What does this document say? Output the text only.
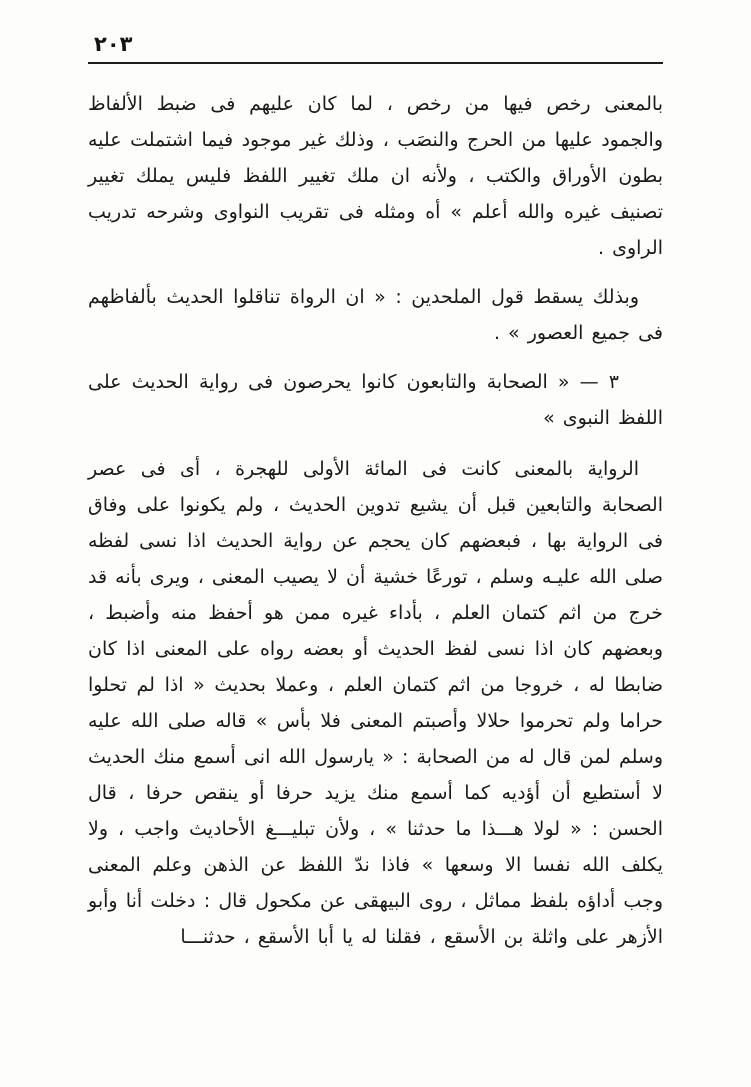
٢٠٣

بالمعنى رخص فيها من رخص ، لما كان عليهم فى ضبط الألفاظ والجمود عليها من الحرج والنصَب ، وذلك غير موجود فيما اشتملت عليه بطون الأوراق والكتب ، ولأنه ان ملك تغيير اللفظ فليس يملك تغيير تصنيف غيره والله أعلم » أه ومثله فى تقريب النواوى وشرحه تدريب الراوى .

وبذلك يسقط قول الملحدين : « ان الرواة تناقلوا الحديث بألفاظهم فى جميع العصور » .

٣ — « الصحابة والتابعون كانوا يحرصون فى رواية الحديث على اللفظ النبوى »

الرواية بالمعنى كانت فى المائة الأولى للهجرة ، أى فى عصر الصحابة والتابعين قبل أن يشيع تدوين الحديث ، ولم يكونوا على وفاق فى الرواية بها ، فبعضهم كان يحجم عن رواية الحديث اذا نسى لفظه صلى الله عليـه وسلم ، تورعًا خشية أن لا يصيب المعنى ، ويرى بأنه قد خرج من اثم كتمان العلم ، بأداء غيره ممن هو أحفظ منه وأضبط ، وبعضهم كان اذا نسى لفظ الحديث أو بعضه رواه على المعنى اذا كان ضابطا له ، خروجا من اثم كتمان العلم ، وعملا بحديث « اذا لم تحلوا حراما ولم تحرموا حلالا وأصبتم المعنى فلا بأس » قاله صلى الله عليه وسلم لمن قال له من الصحابة : « يارسول الله انى أسمع منك الحديث لا أستطيع أن أؤديه كما أسمع منك يزيد حرفا أو ينقص حرفا ، قال الحسن : « لولا هـــذا ما حدثنا » ، ولأن تبليـــغ الأحاديث واجب ، ولا يكلف الله نفسا الا وسعها » فاذا ندّ اللفظ عن الذهن وعلم المعنى وجب أداؤه بلفظ مماثل ، روى البيهقى عن مكحول قال : دخلت أنا وأبو الأزهر على واثلة بن الأسقع ، فقلنا له يا أبا الأسقع ، حدثنـــا
